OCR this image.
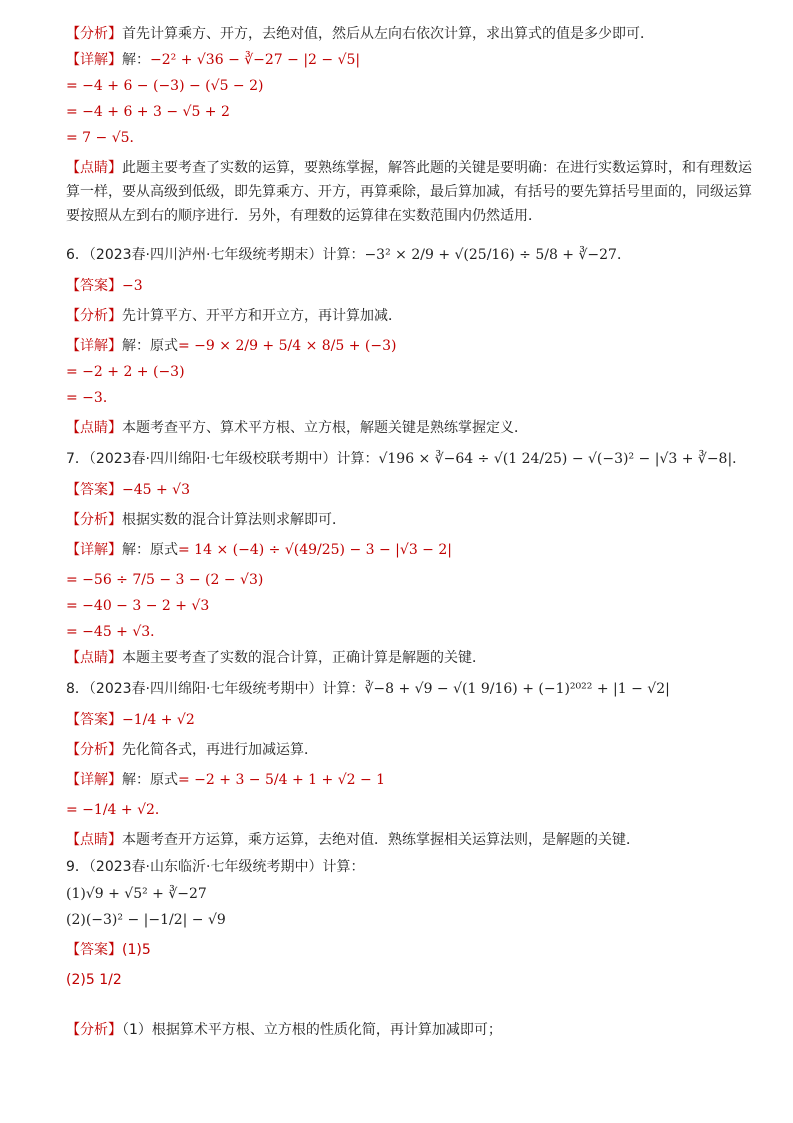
【分析】首先计算乘方、开方，去绝对值，然后从左向右依次计算，求出算式的值是多少即可．
【详解】解：−2² + √36 − ∛−27 − |2 − √5|
= −4 + 6 − (−3) − (√5 − 2)
= −4 + 6 + 3 − √5 + 2
= 7 − √5．
【点睛】此题主要考查了实数的运算，要熟练掌握，解答此题的关键是要明确：在进行实数运算时，和有理数运算一样，要从高级到低级，即先算乘方、开方，再算乘除，最后算加减，有括号的要先算括号里面的，同级运算要按照从左到右的顺序进行．另外，有理数的运算律在实数范围内仍然适用．
6．（2023春·四川泸州·七年级统考期末）计算：−3² × 2/9 + √(25/16) ÷ 5/8 + ∛−27．
【答案】−3
【分析】先计算平方、开平方和开立方，再计算加减．
【详解】解：原式= −9 × 2/9 + 5/4 × 8/5 + (−3)
= −2 + 2 + (−3)
= −3．
【点睛】本题考查平方、算术平方根、立方根，解题关键是熟练掌握定义．
7．（2023春·四川绵阳·七年级校联考期中）计算：√196 × ∛−64 ÷ √(1 24/25) − √(−3)² − |√3 + ∛−8|．
【答案】−45 + √3
【分析】根据实数的混合计算法则求解即可．
【详解】解：原式= 14 × (−4) ÷ √(49/25) − 3 − |√3 − 2|
= −56 ÷ 7/5 − 3 − (2 − √3)
= −40 − 3 − 2 + √3
= −45 + √3．
【点睛】本题主要考查了实数的混合计算，正确计算是解题的关键．
8．（2023春·四川绵阳·七年级统考期中）计算：∛−8 + √9 − √(1 9/16) + (−1)²⁰²² + |1 − √2|
【答案】−1/4 + √2
【分析】先化简各式，再进行加减运算．
【详解】解：原式= −2 + 3 − 5/4 + 1 + √2 − 1
= −1/4 + √2．
【点睛】本题考查开方运算，乘方运算，去绝对值．熟练掌握相关运算法则，是解题的关键．
9．（2023春·山东临沂·七年级统考期中）计算：
(1)√9 + √5² + ∛−27
(2)(−3)² − |−1/2| − √9
【答案】(1)5
(2)5 1/2
【分析】（1）根据算术平方根、立方根的性质化简，再计算加减即可；
